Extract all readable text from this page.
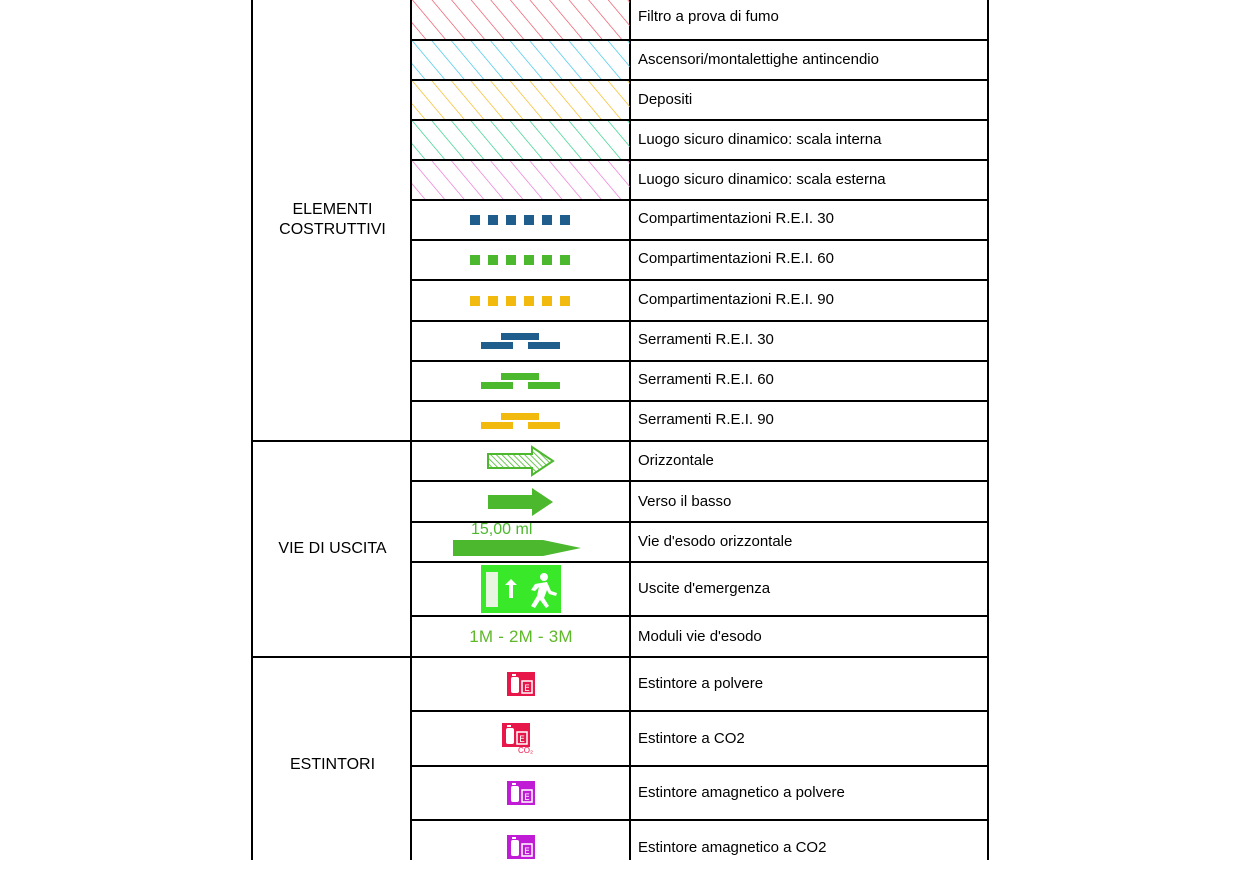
ELEMENTI
COSTRUTTIVI
VIE DI USCITA
ESTINTORI
15,00 ml
1M - 2M - 3M
E
E
CO₂
E
E
Filtro a prova di fumo
Ascensori/montalettighe antincendio
Depositi
Luogo sicuro dinamico: scala interna
Luogo sicuro dinamico: scala esterna
Compartimentazioni R.E.I. 30
Compartimentazioni R.E.I. 60
Compartimentazioni R.E.I. 90
Serramenti R.E.I. 30
Serramenti R.E.I. 60
Serramenti R.E.I. 90
Orizzontale
Verso il basso
Vie d'esodo orizzontale
Uscite d'emergenza
Moduli vie d'esodo
Estintore a polvere
Estintore a CO2
Estintore amagnetico a polvere
Estintore amagnetico a CO2
